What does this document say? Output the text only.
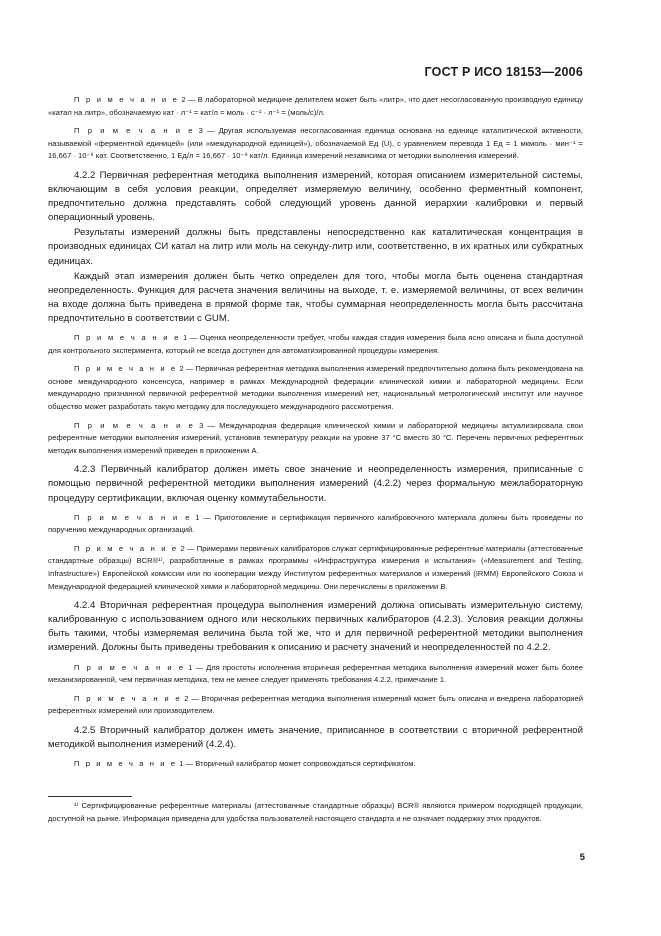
ГОСТ Р ИСО 18153—2006

П р и м е ч а н и е 2 — В лабораторной медицине делителем может быть «литр», что дает несогласованную производную единицу «катал на литр», обозначаемую кат · л⁻¹ = кат/л = моль · с⁻¹ · л⁻¹ = (моль/с)/л.

П р и м е ч а н и е 3 — Другая используемая несогласованная единица основана на единице каталитической активности, называемой «ферментной единицей» (или «международной единицей»), обозначаемой Ед (U), с уравнением перевода 1 Ед = 1 мкмоль · мин⁻¹ = 16,667 · 10⁻⁹ кат. Соответственно, 1 Ед/л = 16,667 · 10⁻⁹ кат/л. Единица измерений независима от методики выполнения измерений.

4.2.2 Первичная референтная методика выполнения измерений, которая описанием измерительной системы, включающим в себя условия реакции, определяет измеряемую величину, особенно ферментный компонент, предпочтительно должна представлять собой следующий уровень данной иерархии калибровки и первый операционный уровень.

Результаты измерений должны быть представлены непосредственно как каталитическая концентрация в производных единицах СИ катал на литр или моль на секунду-литр или, соответственно, в их кратных или субкратных единицах.

Каждый этап измерения должен быть четко определен для того, чтобы могла быть оценена стандартная неопределенность. Функция для расчета значения величины на выходе, т. е. измеряемой величины, от всех величин на входе должна быть приведена в прямой форме так, чтобы суммарная неопределенность могла быть рассчитана предпочтительно в соответствии с GUM.

П р и м е ч а н и е 1 — Оценка неопределенности требует, чтобы каждая стадия измерения была ясно описана и была доступной для контрольного эксперимента, который не всегда доступен для автоматизированной процедуры измерения.

П р и м е ч а н и е 2 — Первичная референтная методика выполнения измерений предпочтительно должна быть рекомендована на основе международного консенсуса, например в рамках Международной федерации клинической химии и лабораторной медицины. Если международно признанной первичной референтной методики выполнения измерений нет, национальный метрологический институт или научное общество может разработать такую методику для последующего международного рассмотрения.

П р и м е ч а н и е 3 — Международная федерация клинической химии и лабораторной медицины актуализировала свои референтные методики выполнения измерений, установив температуру реакции на уровне 37 °С вместо 30 °С. Перечень первичных референтных методик выполнения измерений приведен в приложении А.

4.2.3 Первичный калибратор должен иметь свое значение и неопределенность измерения, приписанные с помощью первичной референтной методики выполнения измерений (4.2.2) через формальную межлабораторную процедуру сертификации, включая оценку коммутабельности.

П р и м е ч а н и е 1 — Приготовление и сертификация первичного калибровочного материала должны быть проведены по поручению международных организаций.

П р и м е ч а н и е 2 — Примерами первичных калибраторов служат сертифицированные референтные материалы (аттестованные стандартные образцы) BCR®¹⁾, разработанные в рамках программы «Инфраструктура измерения и испытания» («Measurement and Testing, Infrastructure») Европейской комиссии или по кооперации между Институтом референтных материалов и измерений (IRMM) Европейского Союза и Международной федерацией клинической химии и лабораторной медицины. Они перечислены в приложении В.

4.2.4 Вторичная референтная процедура выполнения измерений должна описывать измерительную систему, калиброванную с использованием одного или нескольких первичных калибраторов (4.2.3). Условия реакции должны быть такими, чтобы измеряемая величина была той же, что и для первичной референтной методики выполнения измерений. Должны быть приведены требования к описанию и расчету значений и неопределенностей по 4.2.2.

П р и м е ч а н и е 1 — Для простоты исполнения вторичная референтная методика выполнения измерений может быть более механизированной, чем первичная методика, тем не менее следует применять требования 4.2.2, примечание 1.

П р и м е ч а н и е 2 — Вторичная референтная методика выполнения измерений может быть описана и внедрена лабораторией референтных измерений или производителем.

4.2.5 Вторичный калибратор должен иметь значение, приписанное в соответствии с вторичной референтной методикой выполнения измерений (4.2.4).

П р и м е ч а н и е 1 — Вторичный калибратор может сопровождаться сертификатом.

¹⁾ Сертифицированные референтные материалы (аттестованные стандартные образцы) BCR® являются примером подходящей продукции, доступной на рынке. Информация приведена для удобства пользователей настоящего стандарта и не означает поддержку этих продуктов.

5
